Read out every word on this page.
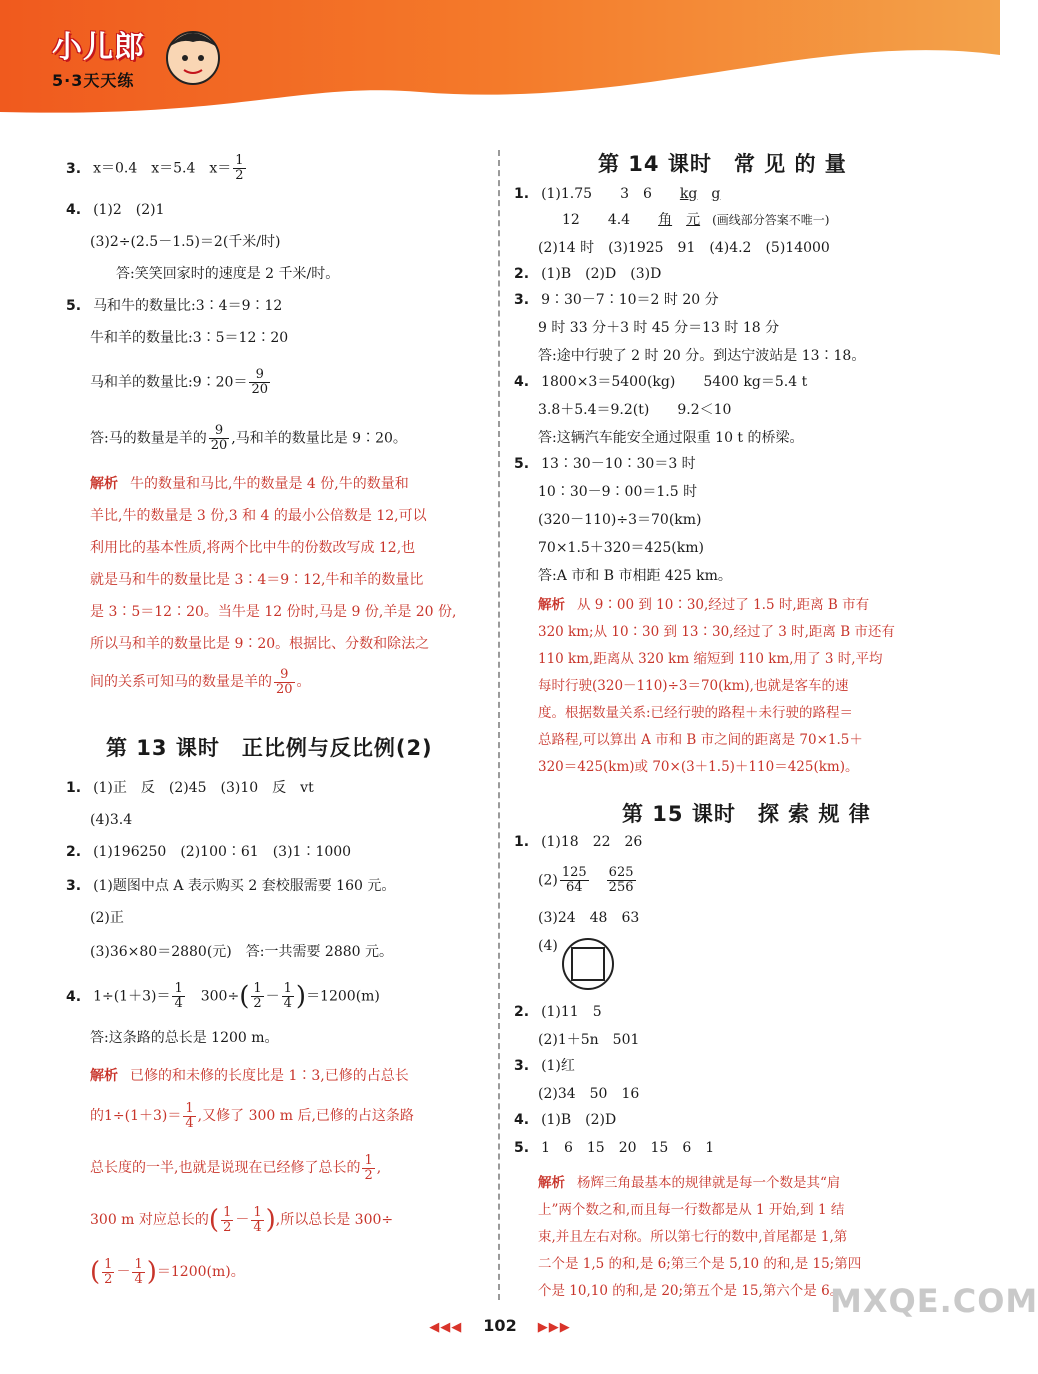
小儿郎
5·3天天练
3. x＝0.4　x＝5.4　$x= \frac{1}{2}$
4. (1)2　(2)1
(3)2÷(2.5－1.5)＝2(千米/时)
答:笑笑回家时的速度是 2 千米/时。
5. 马和牛的数量比:3∶4＝9∶12
牛和羊的数量比:3∶5＝12∶20
马和羊的数量比:9∶20＝ $\frac{9}{20}$
答:马的数量是羊的 $\frac{9}{20}$ ,马和羊的数量比是 9∶20。
解析 牛的数量和马比,牛的数量是 4 份,牛的数量和
羊比,牛的数量是 3 份,3 和 4 的最小公倍数是 12,可以
利用比的基本性质,将两个比中牛的份数改写成 12,也
就是马和牛的数量比是 3∶4＝9∶12,牛和羊的数量比
是 3∶5＝12∶20。当牛是 12 份时,马是 9 份,羊是 20 份,
所以马和羊的数量比是 9∶20。根据比、分数和除法之
间的关系可知马的数量是羊的 $\frac{9}{20}$ 。
第 13 课时　正比例与反比例(2)
1. (1)正　反　(2)45　(3)10　反　vt
(4)3.4
2. (1)196250　(2)100∶61　(3)1∶1000
3. (1)题图中点 A 表示购买 2 套校服需要 160 元。
(2)正
(3)36×80＝2880(元)　答:一共需要 2880 元。
4. $1\div(1+3)= \frac{1}{4}$ 　$300\div( \frac{1}{2} - \frac{1}{4} )=1200(m)$
答:这条路的总长是 1200 m。
解析 已修的和未修的长度比是 1∶3,已修的占总长
的$1\div(1+3)= \frac{1}{4}$ ,又修了 300 m 后,已修的占这条路
总长度的一半,也就是说现在已经修了总长的 $\frac{1}{2}$ ,
300 m 对应总长的( $\frac{1}{2} - \frac{1}{4}$ ),所以总长是 300÷
( $\frac{1}{2} - \frac{1}{4} )=1200(m)$。
第 14 课时　常 见 的 量
1. (1)1.75　　3　6　　kg　 g
12　　4.4　　角　 元　(画线部分答案不唯一)
(2)14 时　(3)1925　91　(4)4.2　(5)14000
2. (1)B　(2)D　(3)D
3. 9∶30－7∶10＝2 时 20 分
9 时 33 分＋3 时 45 分＝13 时 18 分
答:途中行驶了 2 时 20 分。到达宁波站是 13∶18。
4. 1800×3＝5400(kg)　　5400 kg＝5.4 t
3.8＋5.4＝9.2(t)　　9.2＜10
答:这辆汽车能安全通过限重 10 t 的桥梁。
5. 13∶30－10∶30＝3 时
10∶30－9∶00＝1.5 时
(320－110)÷3＝70(km)
70×1.5＋320＝425(km)
答:A 市和 B 市相距 425 km。
解析 从 9∶00 到 10∶30,经过了 1.5 时,距离 B 市有
320 km;从 10∶30 到 13∶30,经过了 3 时,距离 B 市还有
110 km,距离从 320 km 缩短到 110 km,用了 3 时,平均
每时行驶(320－110)÷3＝70(km),也就是客车的速
度。根据数量关系:已经行驶的路程＋未行驶的路程＝
总路程,可以算出 A 市和 B 市之间的距离是 70×1.5＋
320＝425(km)或 70×(3＋1.5)＋110＝425(km)。
第 15 课时　探 索 规 律
1. (1)18　22　26
$(2) \frac{125}{64}$
　 $\frac{625}{256}$
(3)24　48　63
(4)
2. (1)11　5
(2)1＋5n　501
3. (1)红
(2)34　50　16
4. (1)B　(2)D
5. 1　6　15　20　15　6　1
解析 杨辉三角最基本的规律就是每一个数是其“肩
上”两个数之和,而且每一行数都是从 1 开始,到 1 结
束,并且左右对称。所以第七行的数中,首尾都是 1,第
二个是 1,5 的和,是 6;第三个是 5,10 的和,是 15;第四
个是 10,10 的和,是 20;第五个是 15,第六个是 6。
MXQE.COM
◀◀◀ 102 ▶▶▶
